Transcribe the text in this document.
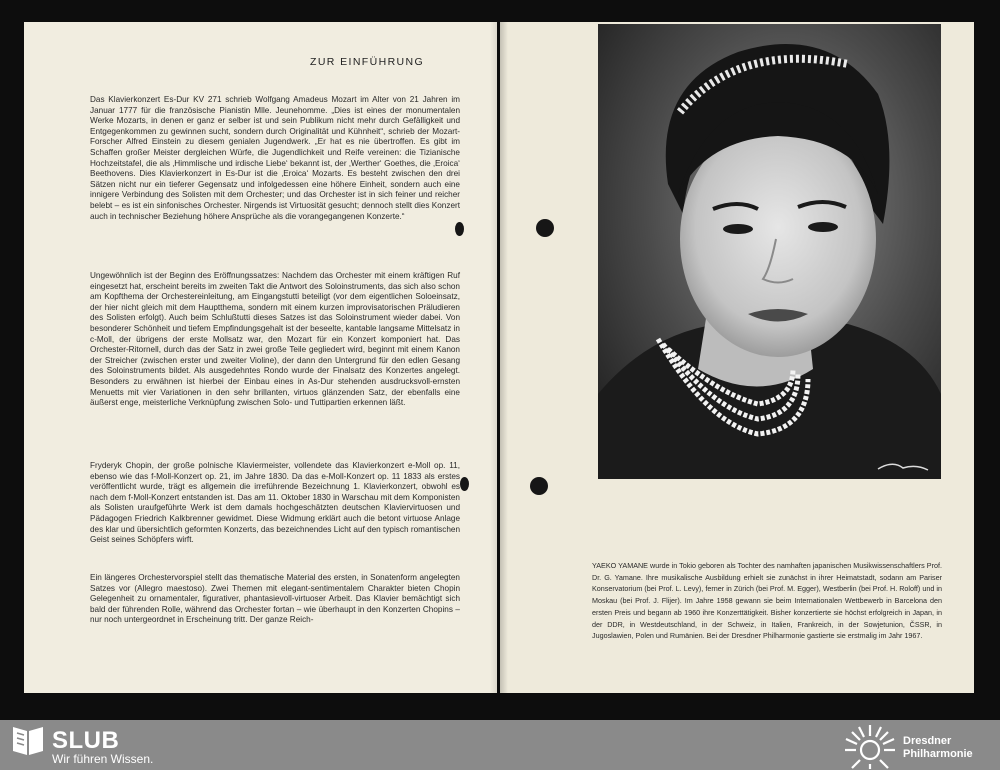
ZUR EINFÜHRUNG

Das Klavierkonzert Es-Dur KV 271 schrieb Wolfgang Amadeus Mozart im Alter von 21 Jahren im Januar 1777 für die französische Pianistin Mlle. Jeunehomme. „Dies ist eines der monumentalen Werke Mozarts, in denen er ganz er selber ist und sein Publikum nicht mehr durch Gefälligkeit und Entgegenkommen zu gewinnen sucht, sondern durch Originalität und Kühnheit“, schrieb der Mozart-Forscher Alfred Einstein zu diesem genialen Jugendwerk. „Er hat es nie übertroffen. Es gibt im Schaffen großer Meister dergleichen Würfe, die Jugendlichkeit und Reife vereinen: die Tizianische Hochzeitstafel, die als ‚Himmlische und irdische Liebe‘ bekannt ist, der ‚Werther‘ Goethes, die ‚Eroica‘ Beethovens. Dies Klavierkonzert in Es-Dur ist die ‚Eroica‘ Mozarts. Es besteht zwischen den drei Sätzen nicht nur ein tieferer Gegensatz und infolgedessen eine höhere Einheit, sondern auch eine innigere Verbindung des Solisten mit dem Orchester; und das Orchester ist in sich feiner und reicher belebt – es ist ein sinfonisches Orchester. Nirgends ist Virtuosität gesucht; dennoch stellt dies Konzert auch in technischer Beziehung höhere Ansprüche als die vorangegangenen Konzerte.“

Ungewöhnlich ist der Beginn des Eröffnungssatzes: Nachdem das Orchester mit einem kräftigen Ruf eingesetzt hat, erscheint bereits im zweiten Takt die Antwort des Soloinstruments, das sich also schon am Kopfthema der Orchestereinleitung, am Eingangstutti beteiligt (vor dem eigentlichen Soloeinsatz, der hier nicht gleich mit dem Hauptthema, sondern mit einem kurzen improvisatorischen Präludieren des Solisten erfolgt). Auch beim Schlußtutti dieses Satzes ist das Soloinstrument wieder dabei. Von besonderer Schönheit und tiefem Empfindungsgehalt ist der beseelte, kantable langsame Mittelsatz in c-Moll, der übrigens der erste Mollsatz war, den Mozart für ein Konzert komponiert hat. Das Orchester-Ritornell, durch das der Satz in zwei große Teile gegliedert wird, beginnt mit einem Kanon der Streicher (zwischen erster und zweiter Violine), der dann den Untergrund für den edlen Gesang des Soloinstruments bildet. Als ausgedehntes Rondo wurde der Finalsatz des Konzertes angelegt. Besonders zu erwähnen ist hierbei der Einbau eines in As-Dur stehenden ausdrucksvoll-ernsten Menuetts mit vier Variationen in den sehr brillanten, virtuos glänzenden Satz, der ebenfalls eine äußerst enge, meisterliche Verknüpfung zwischen Solo- und Tuttipartien erkennen läßt.

Fryderyk Chopin, der große polnische Klaviermeister, vollendete das Klavierkonzert e-Moll op. 11, ebenso wie das f-Moll-Konzert op. 21, im Jahre 1830. Da das e-Moll-Konzert op. 11 1833 als erstes veröffentlicht wurde, trägt es allgemein die irreführende Bezeichnung 1. Klavierkonzert, obwohl es nach dem f-Moll-Konzert entstanden ist. Das am 11. Oktober 1830 in Warschau mit dem Komponisten als Solisten uraufgeführte Werk ist dem damals hochgeschätzten deutschen Klaviervirtuosen und Pädagogen Friedrich Kalkbrenner gewidmet. Diese Widmung erklärt auch die betont virtuose Anlage des klar und übersichtlich geformten Konzerts, das bezeichnendes Licht auf den typisch romantischen Geist seines Schöpfers wirft.

Ein längeres Orchestervorspiel stellt das thematische Material des ersten, in Sonatenform angelegten Satzes vor (Allegro maestoso). Zwei Themen mit elegant-sentimentalem Charakter bieten Chopin Gelegenheit zu ornamentaler, figurativer, phantasievoll-virtuoser Arbeit. Das Klavier bemächtigt sich bald der führenden Rolle, während das Orchester fortan – wie überhaupt in den Konzerten Chopins – nur noch untergeordnet in Erscheinung tritt. Der ganze Reich-

YAEKO YAMANE wurde in Tokio geboren als Tochter des namhaften japanischen Musikwissenschaftlers Prof. Dr. G. Yamane. Ihre musikalische Ausbildung erhielt sie zunächst in ihrer Heimatstadt, sodann am Pariser Konservatorium (bei Prof. L. Levy), ferner in Zürich (bei Prof. M. Egger), Westberlin (bei Prof. H. Roloff) und in Moskau (bei Prof. J. Flijer). Im Jahre 1958 gewann sie beim Internationalen Wettbewerb in Barcelona den ersten Preis und begann ab 1960 ihre Konzerttätigkeit. Bisher konzertierte sie höchst erfolgreich in Japan, in der DDR, in Westdeutschland, in der Schweiz, in Italien, Frankreich, in der Sowjetunion, ČSSR, in Jugoslawien, Polen und Rumänien. Bei der Dresdner Philharmonie gastierte sie erstmalig im Jahr 1967.

SLUB
Wir führen Wissen.
Dresdner
Philharmonie
